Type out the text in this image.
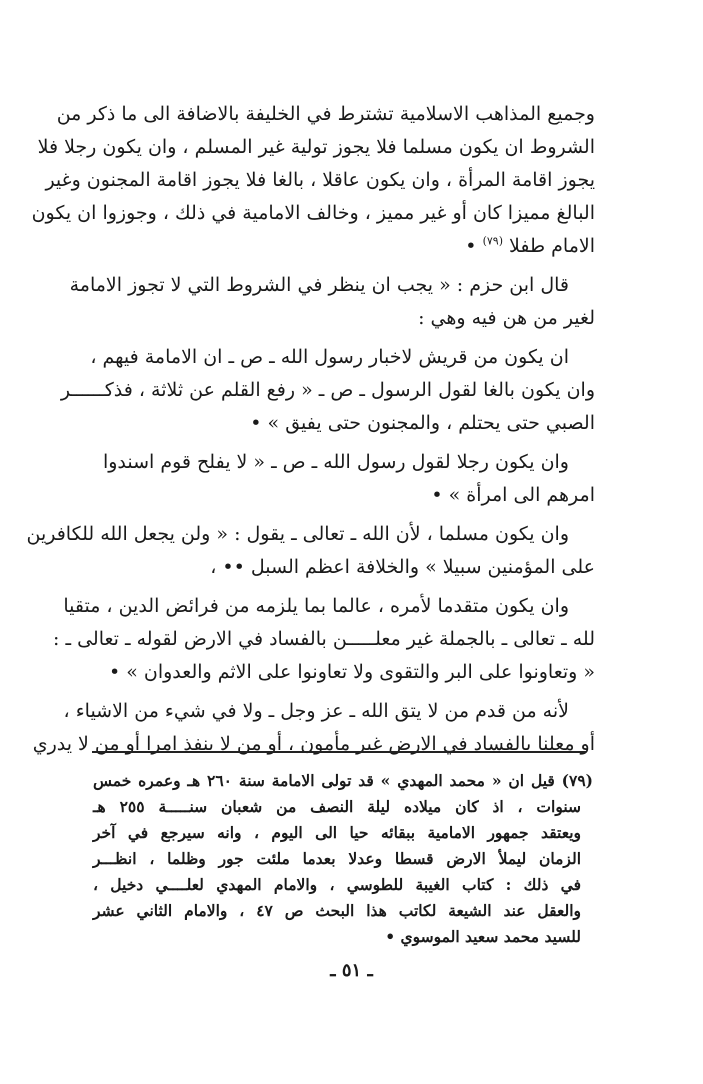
وجميع المذاهب الاسلامية تشترط في الخليفة بالاضافة الى ما ذكر من
الشروط ان يكون مسلما فلا يجوز تولية غير المسلم ، وان يكون رجلا فلا
يجوز اقامة المرأة ، وان يكون عاقلا ، بالغا فلا يجوز اقامة المجنون وغير
البالغ مميزا كان أو غير مميز ، وخالف الامامية في ذلك ، وجوزوا ان يكون
الامام طفلا $^{(٧٩)}$ •
قال ابن حزم : « يجب ان ينظر في الشروط التي لا تجوز الامامة
لغير من هن فيه وهي :
ان يكون من قريش لاخبار رسول الله ـ ص ـ ان الامامة فيهم ،
وان يكون بالغا لقول الرسول ـ ص ـ « رفع القلم عن ثلاثة ، فذكــــــر
الصبي حتى يحتلم ، والمجنون حتى يفيق » •
وان يكون رجلا لقول رسول الله ـ ص ـ « لا يفلح قوم اسندوا
امرهم الى امرأة » •
وان يكون مسلما ، لأن الله ـ تعالى ـ يقول : « ولن يجعل الله للكافرين
على المؤمنين سبيلا » والخلافة اعظم السبل •• ،
وان يكون متقدما لأمره ، عالما بما يلزمه من فرائض الدين ، متقيا
لله ـ تعالى ـ بالجملة غير معلـــــن بالفساد في الارض لقوله ـ تعالى ـ :
« وتعاونوا على البر والتقوى ولا تعاونوا على الاثم والعدوان » •
لأنه من قدم من لا يتق الله ـ عز وجل ـ ولا في شيء من الاشياء ،
أو معلنا بالفساد في الارض غير مأمون ، أو من لا ينفذ امرا أو من لا يدري
(٧٩) قيل ان « محمد المهدي » قد تولى الامامة سنة ٢٦٠ هـ وعمره خمس
سنوات ، اذ كان ميلاده ليلة النصف من شعبان سنـــــة ٢٥٥ هـ
ويعتقد جمهور الامامية ببقائه حيا الى اليوم ، وانه سيرجع في آخر
الزمان ليملأ الارض قسطا وعدلا بعدما ملئت جور وظلما ، انظـــر
في ذلك : كتاب الغيبة للطوسي ، والامام المهدي لعلــــي دخيل ،
والعقل عند الشيعة لكاتب هذا البحث ص ٤٧ ، والامام الثاني عشر
للسيد محمد سعيد الموسوي •
ـ ٥١ ـ
